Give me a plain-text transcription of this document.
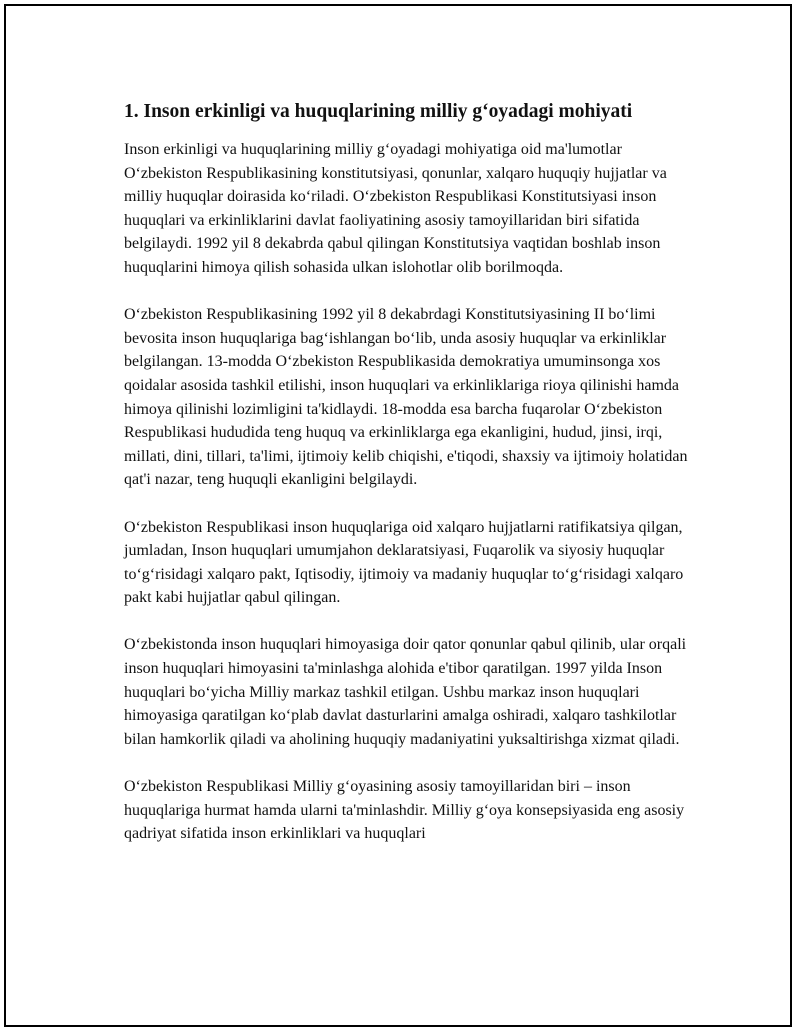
1. Inson erkinligi va huquqlarining milliy g‘oyadagi mohiyati

Inson erkinligi va huquqlarining milliy g‘oyadagi mohiyatiga oid ma'lumotlar O‘zbekiston Respublikasining konstitutsiyasi, qonunlar, xalqaro huquqiy hujjatlar va milliy huquqlar doirasida ko‘riladi. O‘zbekiston Respublikasi Konstitutsiyasi inson huquqlari va erkinliklarini davlat faoliyatining asosiy tamoyillaridan biri sifatida belgilaydi. 1992 yil 8 dekabrda qabul qilingan Konstitutsiya vaqtidan boshlab inson huquqlarini himoya qilish sohasida ulkan islohotlar olib borilmoqda.

O‘zbekiston Respublikasining 1992 yil 8 dekabrdagi Konstitutsiyasining II bo‘limi bevosita inson huquqlariga bag‘ishlangan bo‘lib, unda asosiy huquqlar va erkinliklar belgilangan. 13-modda O‘zbekiston Respublikasida demokratiya umuminsonga xos qoidalar asosida tashkil etilishi, inson huquqlari va erkinliklariga rioya qilinishi hamda himoya qilinishi lozimligini ta'kidlaydi. 18-modda esa barcha fuqarolar O‘zbekiston Respublikasi hududida teng huquq va erkinliklarga ega ekanligini, hudud, jinsi, irqi, millati, dini, tillari, ta'limi, ijtimoiy kelib chiqishi, e'tiqodi, shaxsiy va ijtimoiy holatidan qat'i nazar, teng huquqli ekanligini belgilaydi.

O‘zbekiston Respublikasi inson huquqlariga oid xalqaro hujjatlarni ratifikatsiya qilgan, jumladan, Inson huquqlari umumjahon deklaratsiyasi, Fuqarolik va siyosiy huquqlar to‘g‘risidagi xalqaro pakt, Iqtisodiy, ijtimoiy va madaniy huquqlar to‘g‘risidagi xalqaro pakt kabi hujjatlar qabul qilingan.

O‘zbekistonda inson huquqlari himoyasiga doir qator qonunlar qabul qilinib, ular orqali inson huquqlari himoyasini ta'minlashga alohida e'tibor qaratilgan. 1997 yilda Inson huquqlari bo‘yicha Milliy markaz tashkil etilgan. Ushbu markaz inson huquqlari himoyasiga qaratilgan ko‘plab davlat dasturlarini amalga oshiradi, xalqaro tashkilotlar bilan hamkorlik qiladi va aholining huquqiy madaniyatini yuksaltirishga xizmat qiladi.

O‘zbekiston Respublikasi Milliy g‘oyasining asosiy tamoyillaridan biri – inson huquqlariga hurmat hamda ularni ta'minlashdir. Milliy g‘oya konsepsiyasida eng asosiy qadriyat sifatida inson erkinliklari va huquqlari
